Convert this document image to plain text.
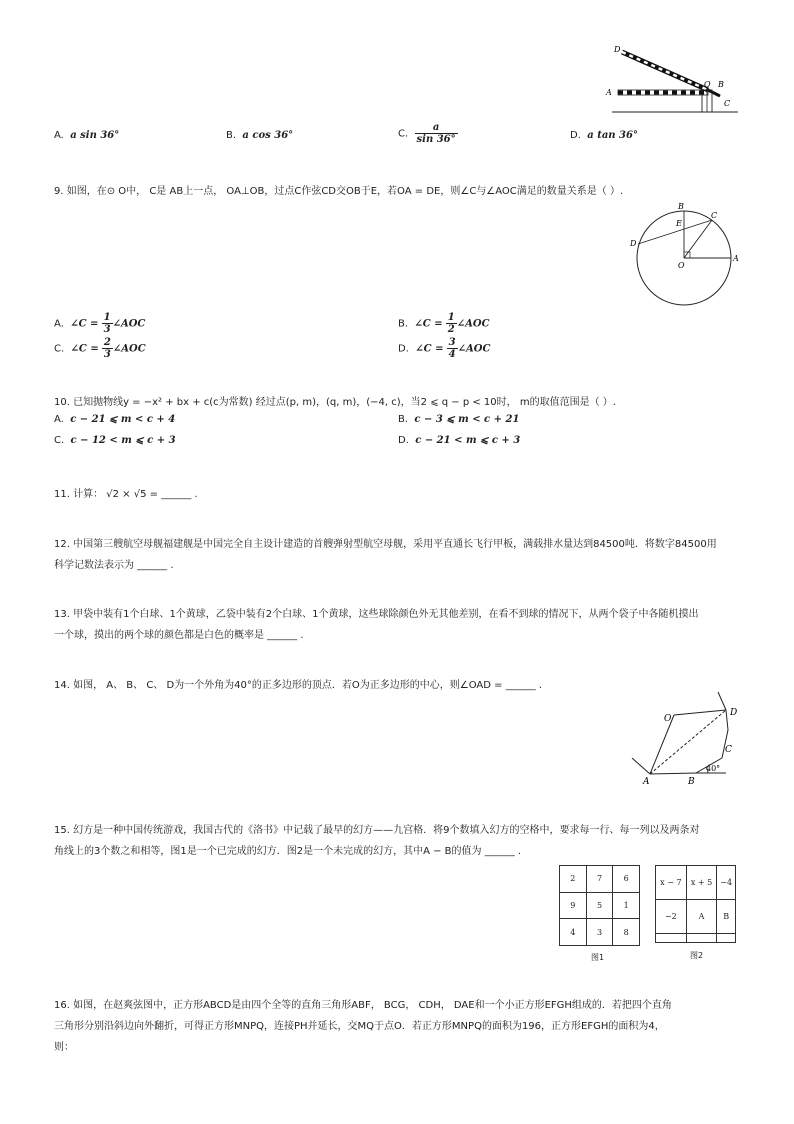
D
A
O B
C
A. a sin 36°	B. a cos 36°	C. $\frac{a}{\sin 36^\circ}$	D. a tan 36°
9. 如图，在⊙ O中， C是 AB上一点， OA⊥OB，过点C作弦CD交OB于E，若OA = DE，则∠C与∠AOC满足的数量关系是（ ）.
B
C
E
D
O
A
A. ∠C = $\frac{1}{3}$ ∠AOC	B. ∠C = $\frac{1}{2}$ ∠AOC
C. ∠C = $\frac{2}{3}$ ∠AOC	D. ∠C = $\frac{3}{4}$ ∠AOC
10. 已知抛物线y = −x² + bx + c(c为常数) 经过点(p, m)，(q, m)，(−4, c)，当2 ⩽ q − p < 10时， m的取值范围是（ ）.
A. c − 21 ⩽ m < c + 4	B. c − 3 ⩽ m < c + 21
C. c − 12 < m ⩽ c + 3	D. c − 21 < m ⩽ c + 3
11. 计算： √2 × √5 = ______ .
12. 中国第三艘航空母舰福建舰是中国完全自主设计建造的首艘弹射型航空母舰，采用平直通长飞行甲板，满载排水量达到84500吨．将数字84500用
科学记数法表示为 ______ .
13. 甲袋中装有1个白球、1个黄球，乙袋中装有2个白球、1个黄球，这些球除颜色外无其他差别，在看不到球的情况下，从两个袋子中各随机摸出
一个球，摸出的两个球的颜色都是白色的概率是 ______ .
14. 如图， A、 B、 C、 D为一个外角为40°的正多边形的顶点．若O为正多边形的中心，则∠OAD = ______ .
O
D
C
A	B
40°
15. 幻方是一种中国传统游戏，我国古代的《洛书》中记载了最早的幻方——九宫格．将9个数填入幻方的空格中，要求每一行、每一列以及两条对
角线上的3个数之和相等，图1是一个已完成的幻方．图2是一个未完成的幻方，其中A − B的值为 ______ .
2	7	6
9	5	1
4	3	8
图1
x − 7	x + 5	−4
−2	A	B

图2
16. 如图，在赵爽弦图中，正方形ABCD是由四个全等的直角三角形ABF， BCG， CDH， DAE和一个小正方形EFGH组成的．若把四个直角
三角形分别沿斜边向外翻折，可得正方形MNPQ，连接PH并延长，交MQ于点O．若正方形MNPQ的面积为196，正方形EFGH的面积为4，
则：
